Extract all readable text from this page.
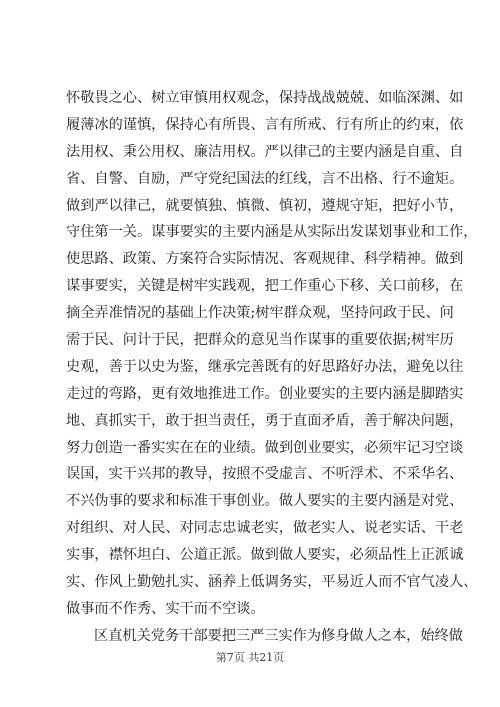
怀敬畏之心、树立审慎用权观念，保持战战兢兢、如临深渊、如
履薄冰的谨慎，保持心有所畏、言有所戒、行有所止的约束，依
法用权、秉公用权、廉洁用权。严以律己的主要内涵是自重、自
省、自警、自励，严守党纪国法的红线，言不出格、行不逾矩。
做到严以律己，就要慎独、慎微、慎初，遵规守矩，把好小节，
守住第一关。谋事要实的主要内涵是从实际出发谋划事业和工作，
使思路、政策、方案符合实际情况、客观规律、科学精神。做到
谋事要实，关键是树牢实践观，把工作重心下移、关口前移，在
摘全弄准情况的基础上作决策;树牢群众观，坚持问政于民、问
需于民、问计于民，把群众的意见当作谋事的重要依据;树牢历
史观，善于以史为鉴，继承完善既有的好思路好办法，避免以往
走过的弯路，更有效地推进工作。创业要实的主要内涵是脚踏实
地、真抓实干，敢于担当责任，勇于直面矛盾，善于解决问题，
努力创造一番实实在在的业绩。做到创业要实，必须牢记习空谈
误国，实干兴邦的教导，按照不受虚言、不听浮术、不采华名、
不兴伪事的要求和标准干事创业。做人要实的主要内涵是对党、
对组织、对人民、对同志忠诚老实，做老实人、说老实话、干老
实事，襟怀坦白、公道正派。做到做人要实，必须品性上正派诚
实、作风上勤勉扎实、涵养上低调务实，平易近人而不官气凌人、
做事而不作秀、实干而不空谈。
区直机关党务干部要把三严三实作为修身做人之本，始终做
第7页 共21页
